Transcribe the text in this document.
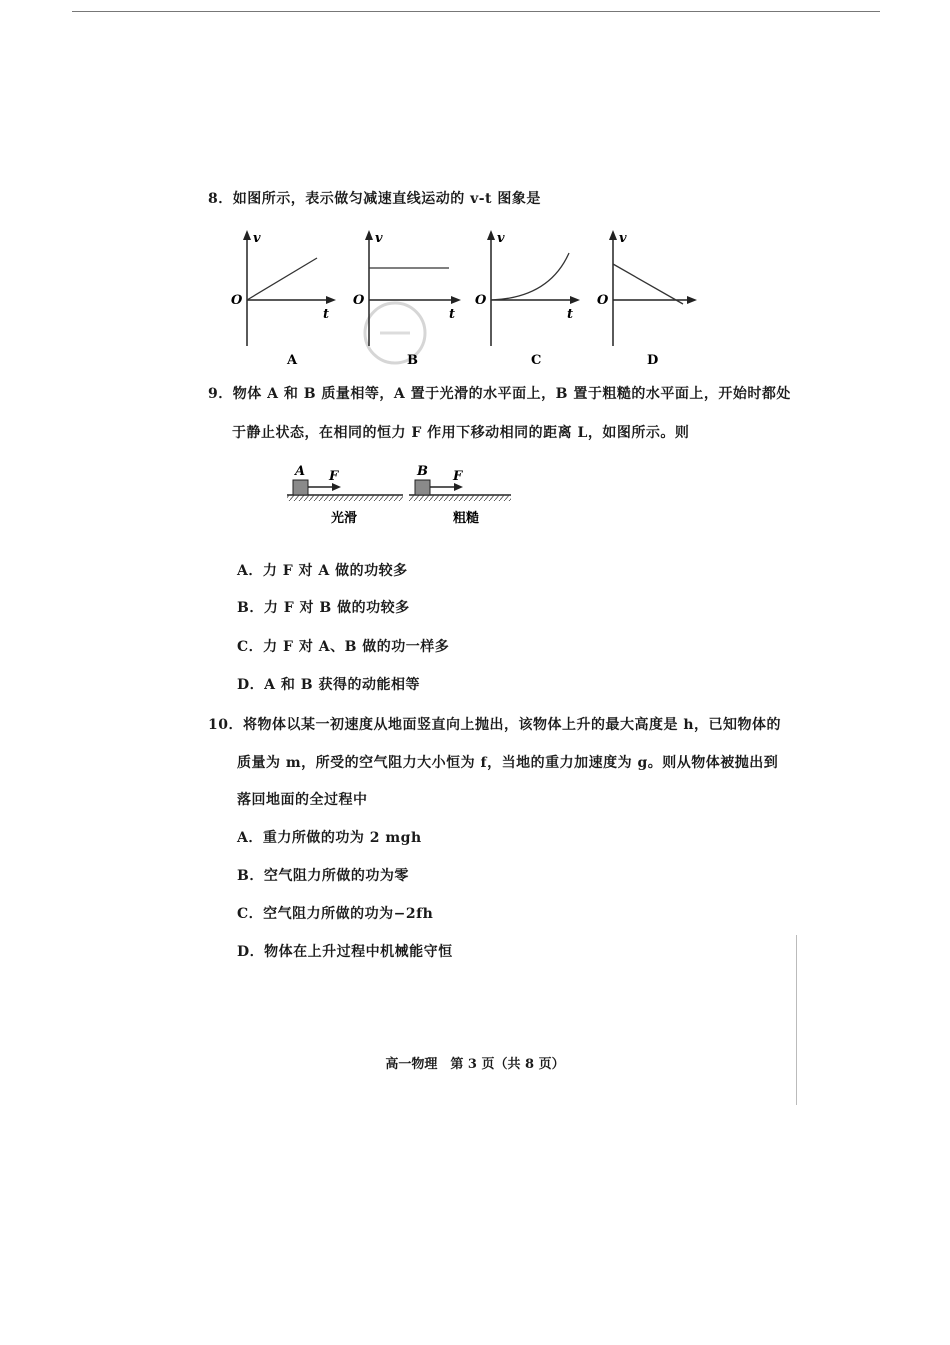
8．如图所示，表示做匀减速直线运动的 v-t 图象是
v
O
t
A
v
O
t
B
v
O
t
C
v
O
D
9．物体 A 和 B 质量相等，A 置于光滑的水平面上，B 置于粗糙的水平面上，开始时都处
于静止状态，在相同的恒力 F 作用下移动相同的距离 L，如图所示。则
A F
光滑
B F
粗糙
A．力 F 对 A 做的功较多
B．力 F 对 B 做的功较多
C．力 F 对 A、B 做的功一样多
D．A 和 B 获得的动能相等
10．将物体以某一初速度从地面竖直向上抛出，该物体上升的最大高度是 h，已知物体的
质量为 m，所受的空气阻力大小恒为 f，当地的重力加速度为 g。则从物体被抛出到
落回地面的全过程中
A．重力所做的功为 2 mgh
B．空气阻力所做的功为零
C．空气阻力所做的功为−2fh
D．物体在上升过程中机械能守恒
高一物理　第 3 页（共 8 页）
